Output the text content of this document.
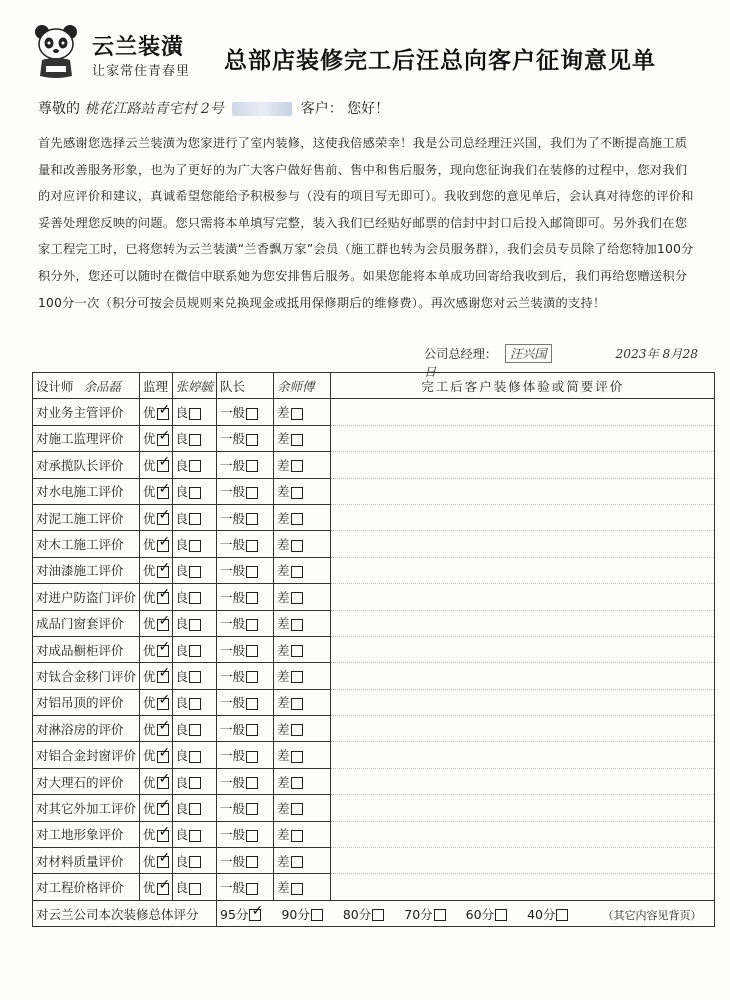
云兰装潢
让家常住青春里 总部店装修完工后汪总向客户征询意见单
尊敬的 桃花江路站青宅村 2号	客户： 您好！
首先感谢您选择云兰装潢为您家进行了室内装修，这使我倍感荣幸！我是公司总经理汪兴国，我们为了不断提高施工质量和改善服务形象，也为了更好的为广大客户做好售前、售中和售后服务，现向您征询我们在装修的过程中，您对我们的对应评价和建议，真诚希望您能给予积极参与（没有的项目写无即可）。我收到您的意见单后，会认真对待您的评价和妥善处理您反映的问题。您只需将本单填写完整，装入我们已经贴好邮票的信封中封口后投入邮筒即可。另外我们在您家工程完工时，已将您转为云兰装潢“兰香飘万家”会员（施工群也转为会员服务群），我们会员专员除了给您特加100分积分外，您还可以随时在微信中联系她为您安排售后服务。如果您能将本单成功回寄给我收到后，我们再给您赠送积分100分一次（积分可按会员规则来兑换现金或抵用保修期后的维修费）。再次感谢您对云兰装潢的支持！
公司总经理： 汪兴国	2023年 8月28日
设计师 余品磊	监理	张婷毓	队长	余师傅	完工后客户装修体验或简要评价
对业务主管评价	优✓	良	一般	差	
对施工监理评价	优✓	良	一般	差	
对承揽队长评价	优✓	良	一般	差	
对水电施工评价	优✓	良	一般	差	
对泥工施工评价	优✓	良	一般	差	
对木工施工评价	优✓	良	一般	差	
对油漆施工评价	优✓	良	一般	差	
对进户防盗门评价	优✓	良	一般	差	
成品门窗套评价	优✓	良	一般	差	
对成品橱柜评价	优✓	良	一般	差	
对钛合金移门评价	优✓	良	一般	差	
对铝吊顶的评价	优✓	良	一般	差	
对淋浴房的评价	优✓	良	一般	差	
对铝合金封窗评价	优✓	良	一般	差	
对大理石的评价	优✓	良	一般	差	
对其它外加工评价	优✓	良	一般	差	
对工地形象评价	优✓	良	一般	差	
对材料质量评价	优✓	良	一般	差	
对工程价格评价	优✓	良	一般	差	
对云兰公司本次装修总体评分			95分 ✓ 90分 80分 70分 60分 40分 （其它内容见背页）
